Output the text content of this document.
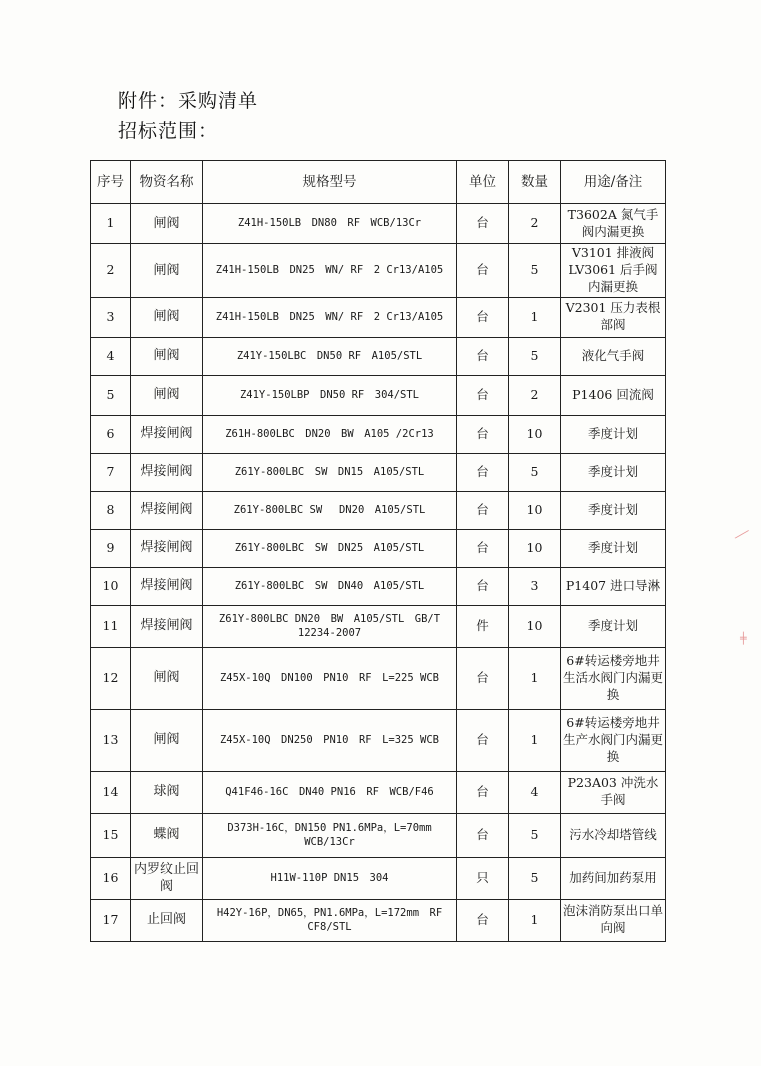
附件：采购清单
招标范围：
序号	物资名称	规格型号	单位	数量	用途/备注
1	闸阀	Z41H-150LB　DN80　RF　WCB/13Cr	台	2	T3602A 氮气手阀内漏更换
2	闸阀	Z41H-150LB　DN25　WN/ RF　2 Cr13/A105	台	5	V3101 排液阀 LV3061 后手阀内漏更换
3	闸阀	Z41H-150LB　DN25　WN/ RF　2 Cr13/A105	台	1	V2301 压力表根部阀
4	闸阀	Z41Y-150LBC　DN50 RF　A105/STL	台	5	液化气手阀
5	闸阀	Z41Y-150LBP　DN50 RF　304/STL	台	2	P1406 回流阀
6	焊接闸阀	Z61H-800LBC　DN20　BW　A105 /2Cr13	台	10	季度计划
7	焊接闸阀	Z61Y-800LBC　SW　DN15　A105/STL	台	5	季度计划
8	焊接闸阀	Z61Y-800LBC SW　 DN20　A105/STL	台	10	季度计划
9	焊接闸阀	Z61Y-800LBC　SW　DN25　A105/STL	台	10	季度计划
10	焊接闸阀	Z61Y-800LBC　SW　DN40　A105/STL	台	3	P1407 进口导淋
11	焊接闸阀	Z61Y-800LBC DN20　BW　A105/STL　GB/T 12234-2007	件	10	季度计划
12	闸阀	Z45X-10Q　DN100　PN10　RF　L=225 WCB	台	1	6#转运楼旁地井生活水阀门内漏更换
13	闸阀	Z45X-10Q　DN250　PN10　RF　L=325 WCB	台	1	6#转运楼旁地井生产水阀门内漏更换
14	球阀	Q41F46-16C　DN40 PN16　RF　WCB/F46	台	4	P23A03 冲洗水手阀
15	蝶阀	D373H-16C，DN150 PN1.6MPa，L=70mm WCB/13Cr	台	5	污水冷却塔管线
16	内罗纹止回阀	H11W-110P DN15　304	只	5	加药间加药泵用
17	止回阀	H42Y-16P，DN65，PN1.6MPa，L=172mm　RF CF8/STL	台	1	泡沫消防泵出口单向阀
⟋
╪
